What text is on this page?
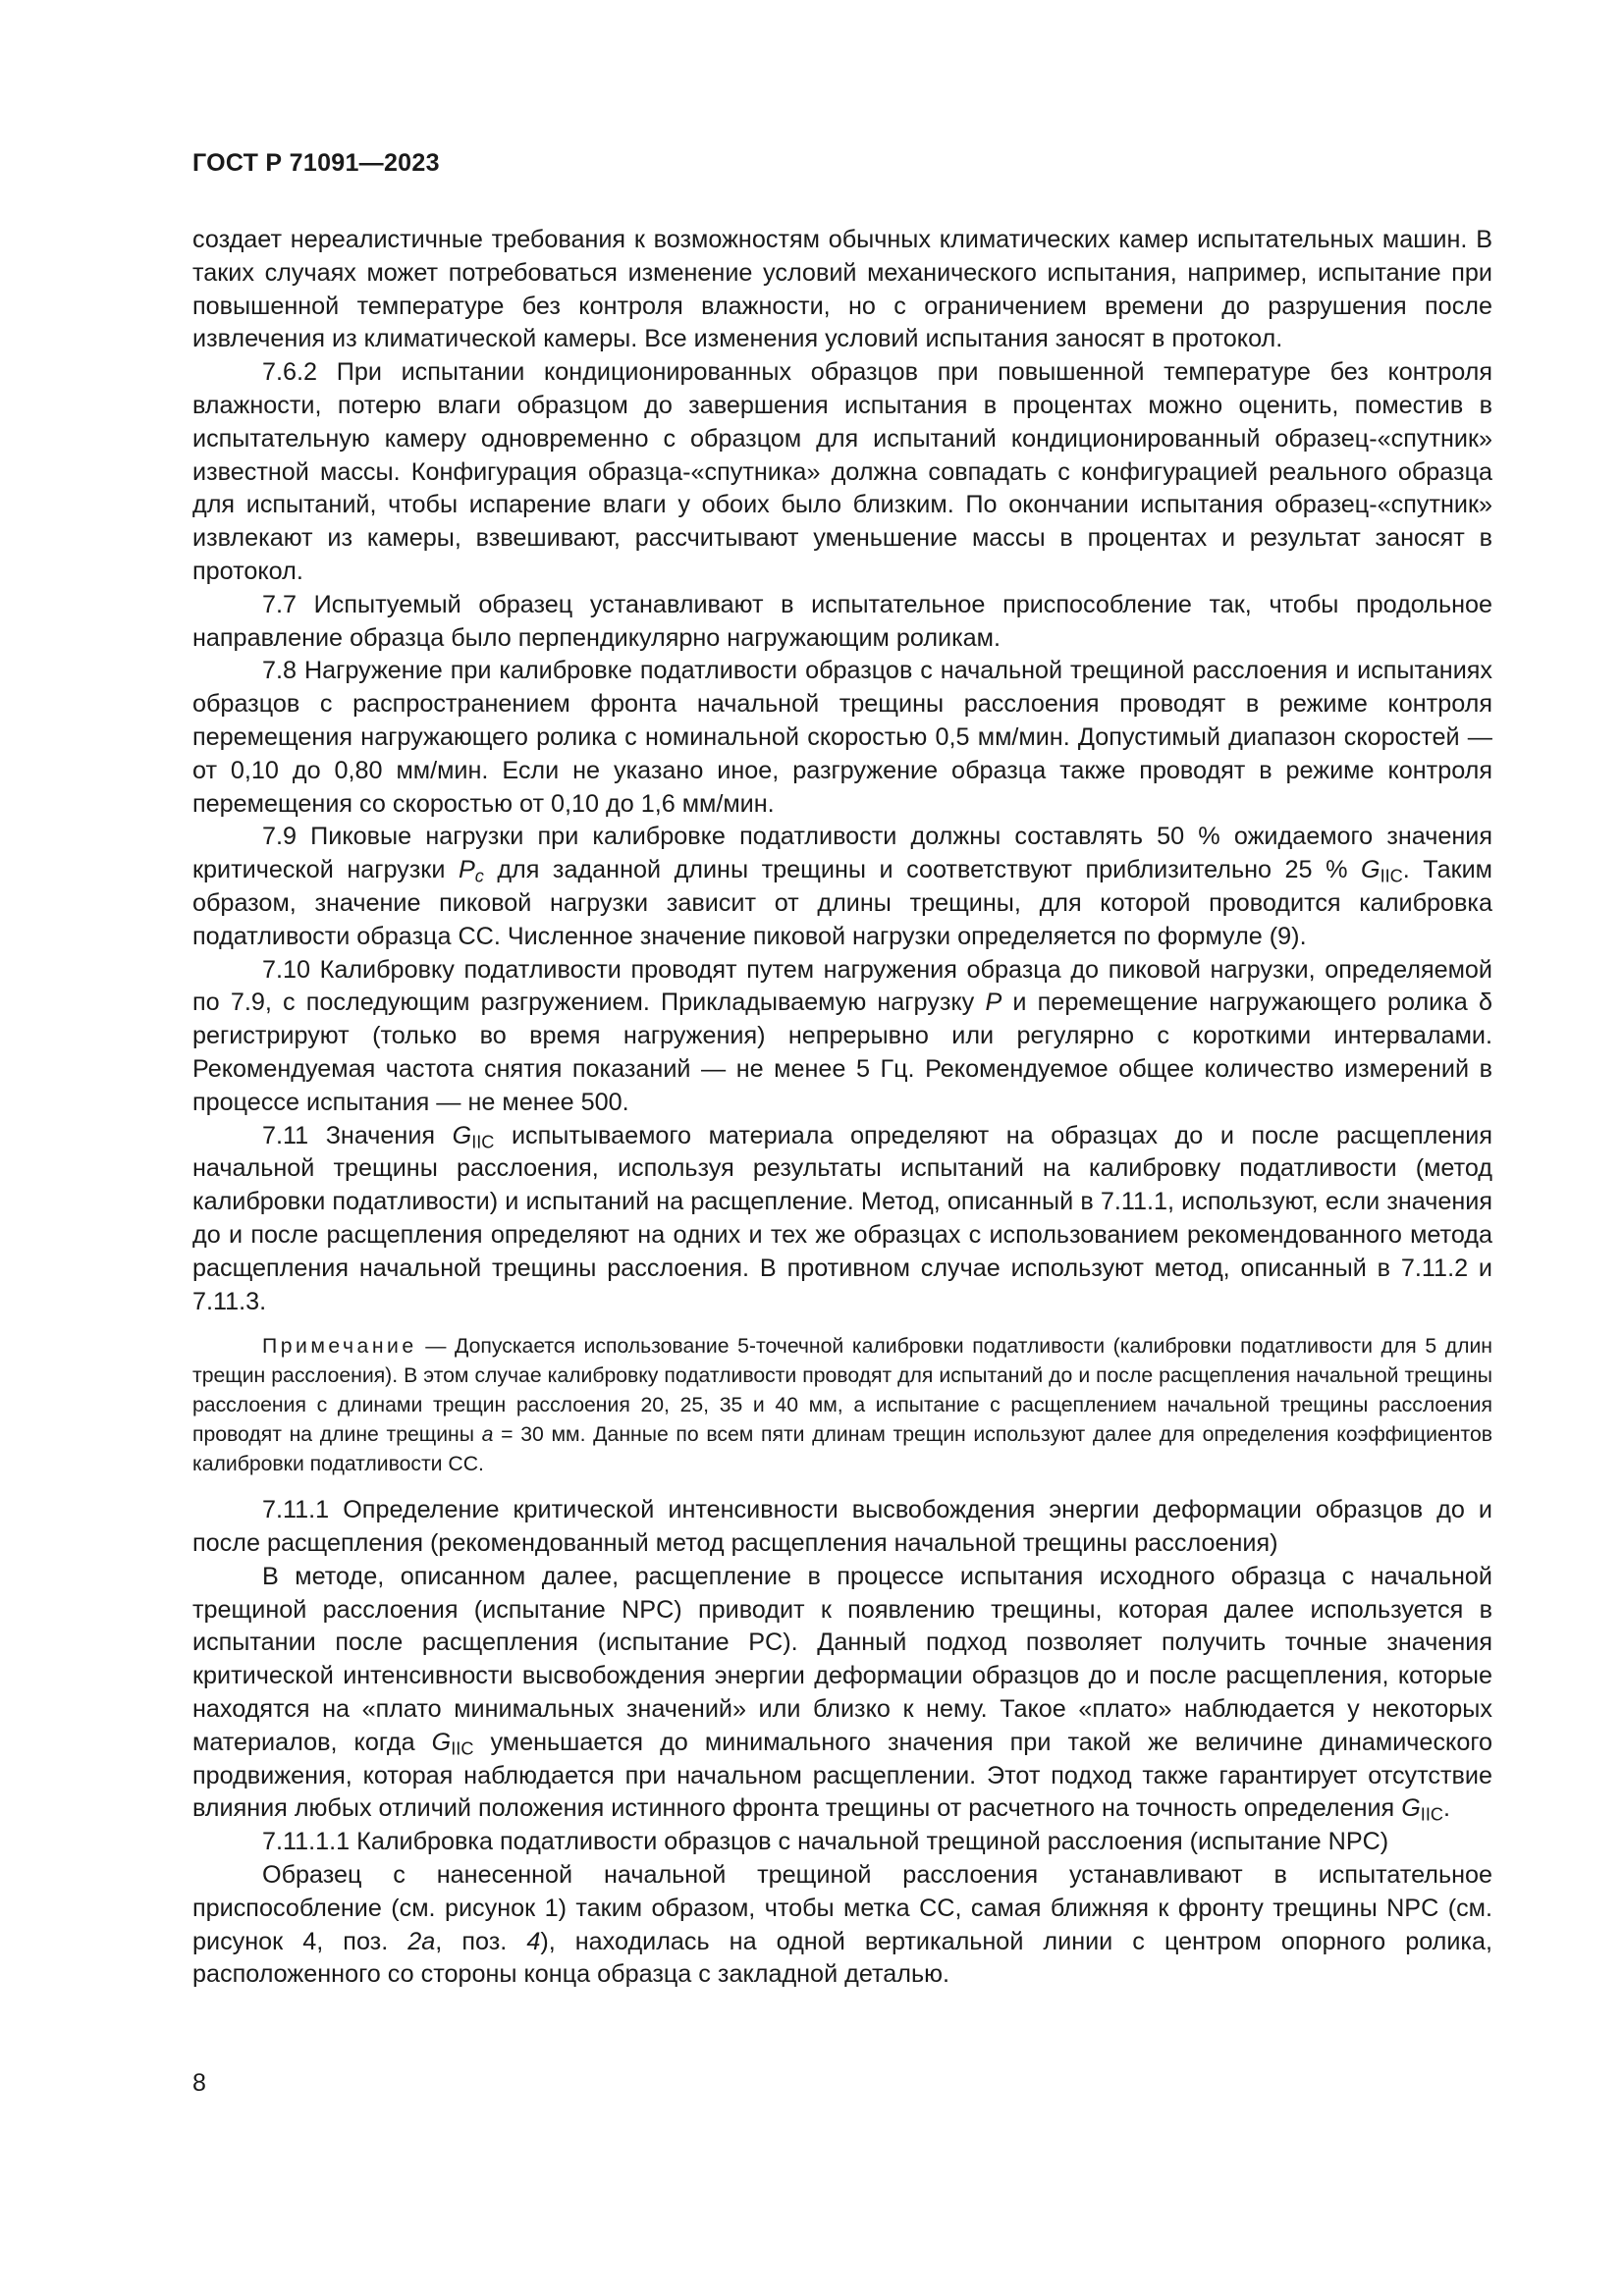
ГОСТ Р 71091—2023

создает нереалистичные требования к возможностям обычных климатических камер испытательных машин. В таких случаях может потребоваться изменение условий механического испытания, например, испытание при повышенной температуре без контроля влажности, но с ограничением времени до разрушения после извлечения из климатической камеры. Все изменения условий испытания заносят в протокол.

7.6.2 При испытании кондиционированных образцов при повышенной температуре без контроля влажности, потерю влаги образцом до завершения испытания в процентах можно оценить, поместив в испытательную камеру одновременно с образцом для испытаний кондиционированный образец-«спутник» известной массы. Конфигурация образца-«спутника» должна совпадать с конфигурацией реального образца для испытаний, чтобы испарение влаги у обоих было близким. По окончании испытания образец-«спутник» извлекают из камеры, взвешивают, рассчитывают уменьшение массы в процентах и результат заносят в протокол.

7.7 Испытуемый образец устанавливают в испытательное приспособление так, чтобы продольное направление образца было перпендикулярно нагружающим роликам.

7.8 Нагружение при калибровке податливости образцов с начальной трещиной расслоения и испытаниях образцов с распространением фронта начальной трещины расслоения проводят в режиме контроля перемещения нагружающего ролика с номинальной скоростью 0,5 мм/мин. Допустимый диапазон скоростей — от 0,10 до 0,80 мм/мин. Если не указано иное, разгружение образца также проводят в режиме контроля перемещения со скоростью от 0,10 до 1,6 мм/мин.

7.9 Пиковые нагрузки при калибровке податливости должны составлять 50 % ожидаемого значения критической нагрузки $P_c$ для заданной длины трещины и соответствуют приблизительно 25 % $G_{IIC}$. Таким образом, значение пиковой нагрузки зависит от длины трещины, для которой проводится калибровка податливости образца СС. Численное значение пиковой нагрузки определяется по формуле (9).

7.10 Калибровку податливости проводят путем нагружения образца до пиковой нагрузки, определяемой по 7.9, с последующим разгружением. Прикладываемую нагрузку P и перемещение нагружающего ролика δ регистрируют (только во время нагружения) непрерывно или регулярно с короткими интервалами. Рекомендуемая частота снятия показаний — не менее 5 Гц. Рекомендуемое общее количество измерений в процессе испытания — не менее 500.

7.11 Значения $G_{IIC}$ испытываемого материала определяют на образцах до и после расщепления начальной трещины расслоения, используя результаты испытаний на калибровку податливости (метод калибровки податливости) и испытаний на расщепление. Метод, описанный в 7.11.1, используют, если значения до и после расщепления определяют на одних и тех же образцах с использованием рекомендованного метода расщепления начальной трещины расслоения. В противном случае используют метод, описанный в 7.11.2 и 7.11.3.

Примечание — Допускается использование 5-точечной калибровки податливости (калибровки податливости для 5 длин трещин расслоения). В этом случае калибровку податливости проводят для испытаний до и после расщепления начальной трещины расслоения с длинами трещин расслоения 20, 25, 35 и 40 мм, а испытание с расщеплением начальной трещины расслоения проводят на длине трещины a = 30 мм. Данные по всем пяти длинам трещин используют далее для определения коэффициентов калибровки податливости СС.

7.11.1 Определение критической интенсивности высвобождения энергии деформации образцов до и после расщепления (рекомендованный метод расщепления начальной трещины расслоения)

В методе, описанном далее, расщепление в процессе испытания исходного образца с начальной трещиной расслоения (испытание NPC) приводит к появлению трещины, которая далее используется в испытании после расщепления (испытание PC). Данный подход позволяет получить точные значения критической интенсивности высвобождения энергии деформации образцов до и после расщепления, которые находятся на «плато минимальных значений» или близко к нему. Такое «плато» наблюдается у некоторых материалов, когда $G_{IIC}$ уменьшается до минимального значения при такой же величине динамического продвижения, которая наблюдается при начальном расщеплении. Этот подход также гарантирует отсутствие влияния любых отличий положения истинного фронта трещины от расчетного на точность определения $G_{IIC}$.

7.11.1.1 Калибровка податливости образцов с начальной трещиной расслоения (испытание NPC)

Образец с нанесенной начальной трещиной расслоения устанавливают в испытательное приспособление (см. рисунок 1) таким образом, чтобы метка СС, самая ближняя к фронту трещины NPC (см. рисунок 4, поз. 2а, поз. 4), находилась на одной вертикальной линии с центром опорного ролика, расположенного со стороны конца образца с закладной деталью.

8
